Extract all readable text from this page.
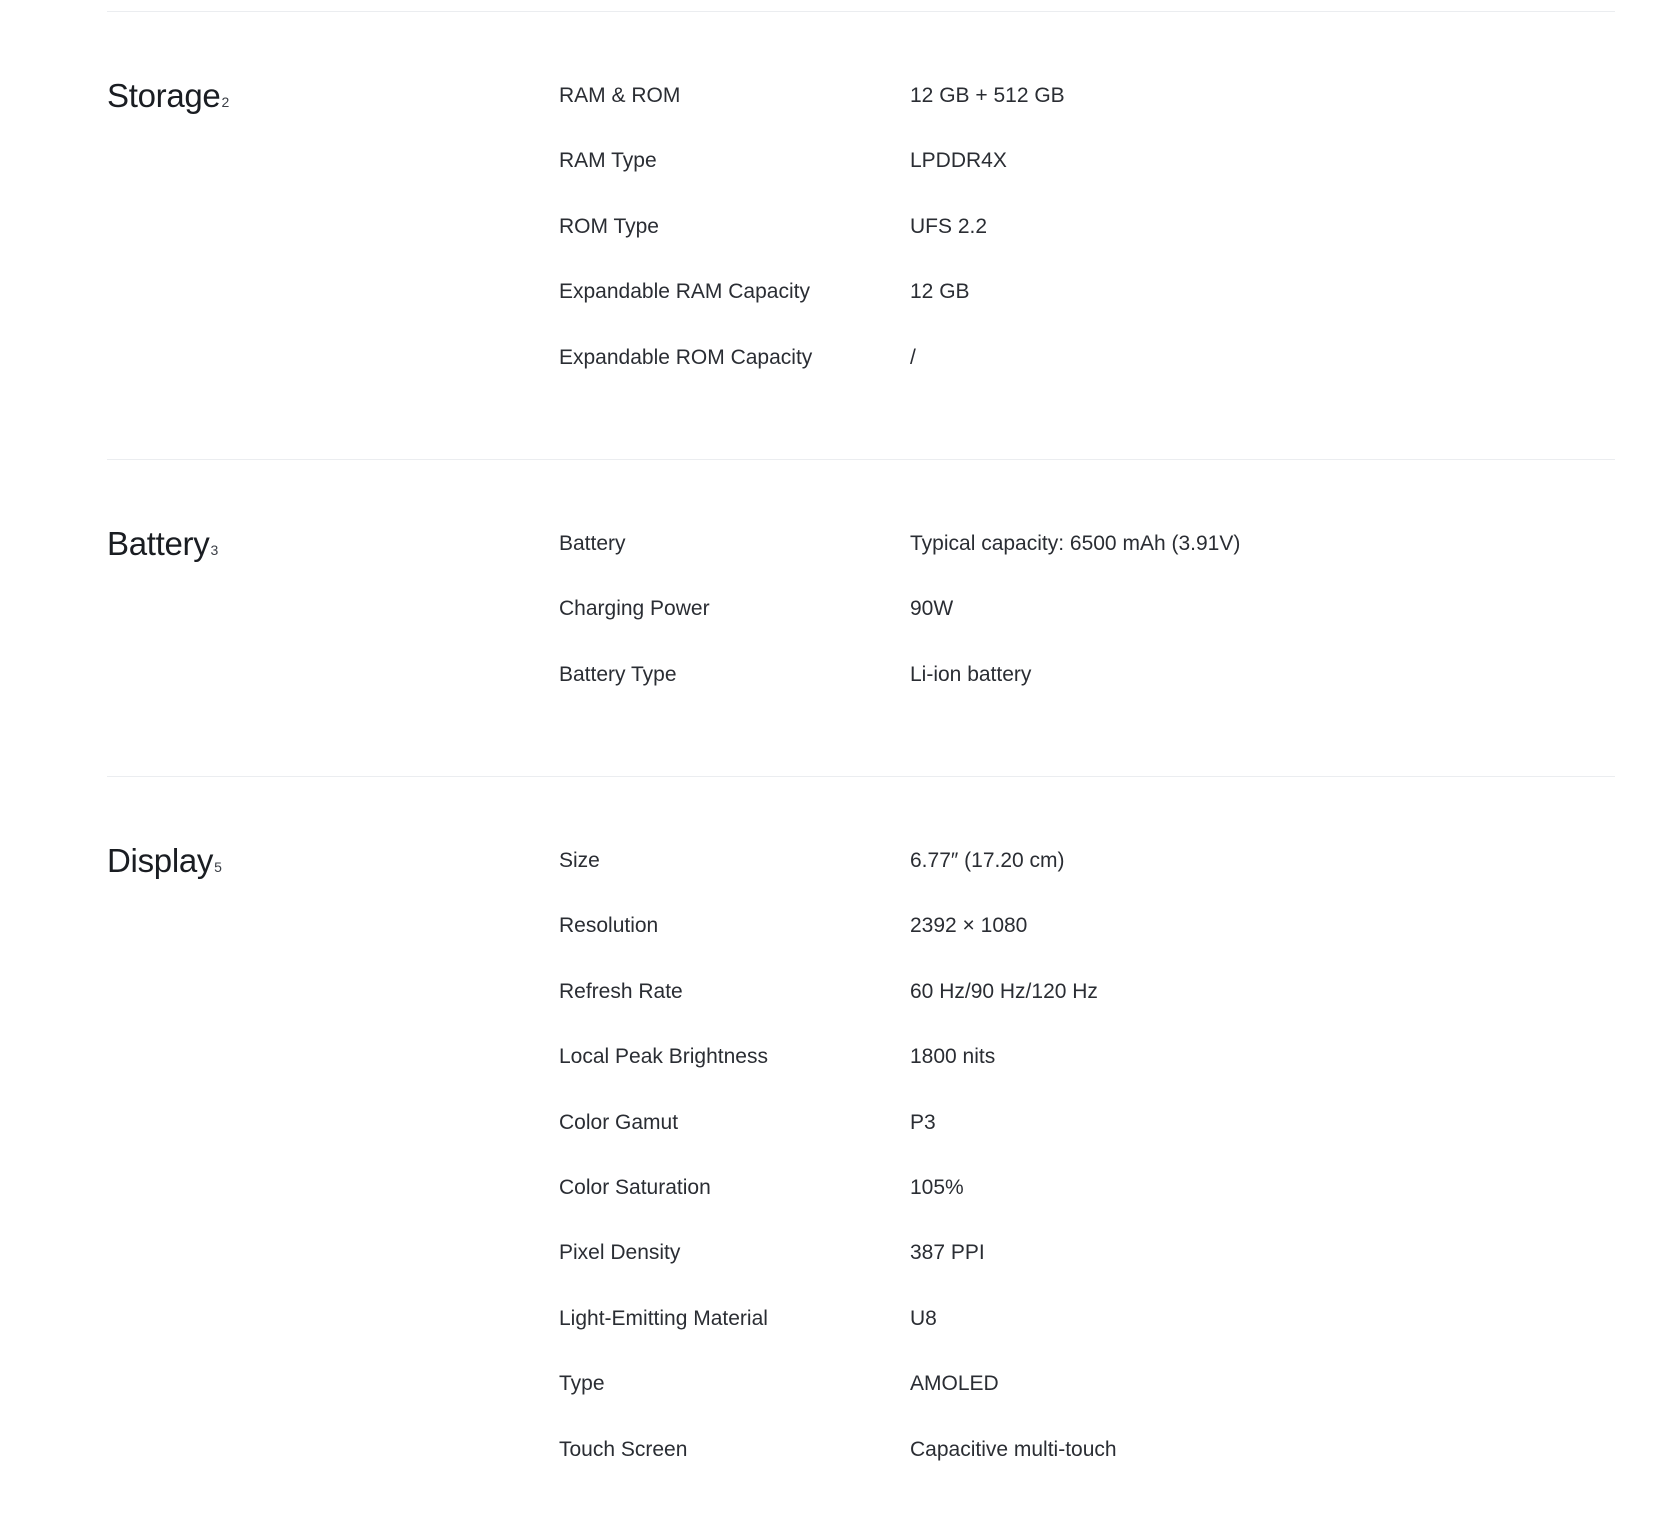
Storage2	RAM & ROM	12 GB + 512 GB
RAM Type	LPDDR4X
ROM Type	UFS 2.2
Expandable RAM Capacity	12 GB
Expandable ROM Capacity	/
Battery3	Battery	Typical capacity: 6500 mAh (3.91V)
Charging Power	90W
Battery Type	Li-ion battery
Display5	Size	6.77″ (17.20 cm)
Resolution	2392 × 1080
Refresh Rate	60 Hz/90 Hz/120 Hz
Local Peak Brightness	1800 nits
Color Gamut	P3
Color Saturation	105%
Pixel Density	387 PPI
Light-Emitting Material	U8
Type	AMOLED
Touch Screen	Capacitive multi-touch
